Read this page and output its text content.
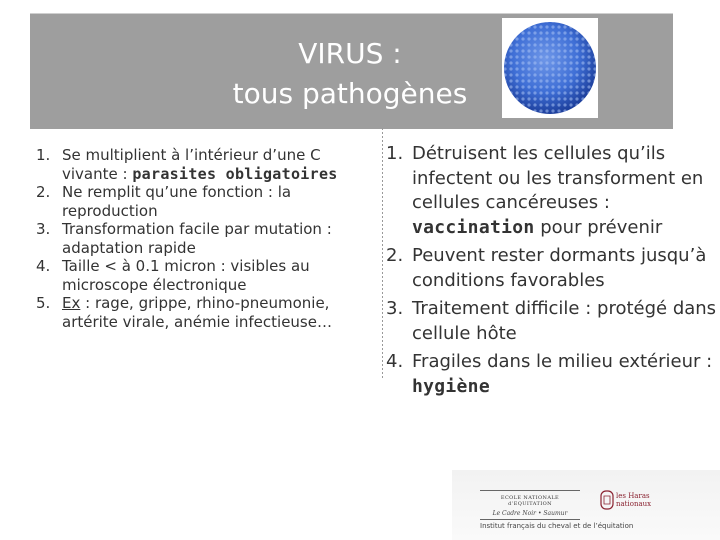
VIRUS :
tous pathogènes
1. Se multiplient à l’intérieur d’une C vivante : parasites obligatoires
2. Ne remplit qu’une fonction : la reproduction
3. Transformation facile par mutation : adaptation rapide
4. Taille < à 0.1 micron : visibles au microscope électronique
5. Ex : rage, grippe, rhino-pneumonie, artérite virale, anémie infectieuse…
1. Détruisent les cellules qu’ils infectent ou les transforment en cellules cancéreuses : vaccination pour prévenir
2. Peuvent rester dormants jusqu’à conditions favorables
3. Traitement difficile : protégé dans cellule hôte
4. Fragiles dans le milieu extérieur : hygiène
ECOLE NATIONALE d’EQUITATION
Le Cadre Noir • Saumur
les Haras
nationaux
Institut français du cheval et de l’équitation
